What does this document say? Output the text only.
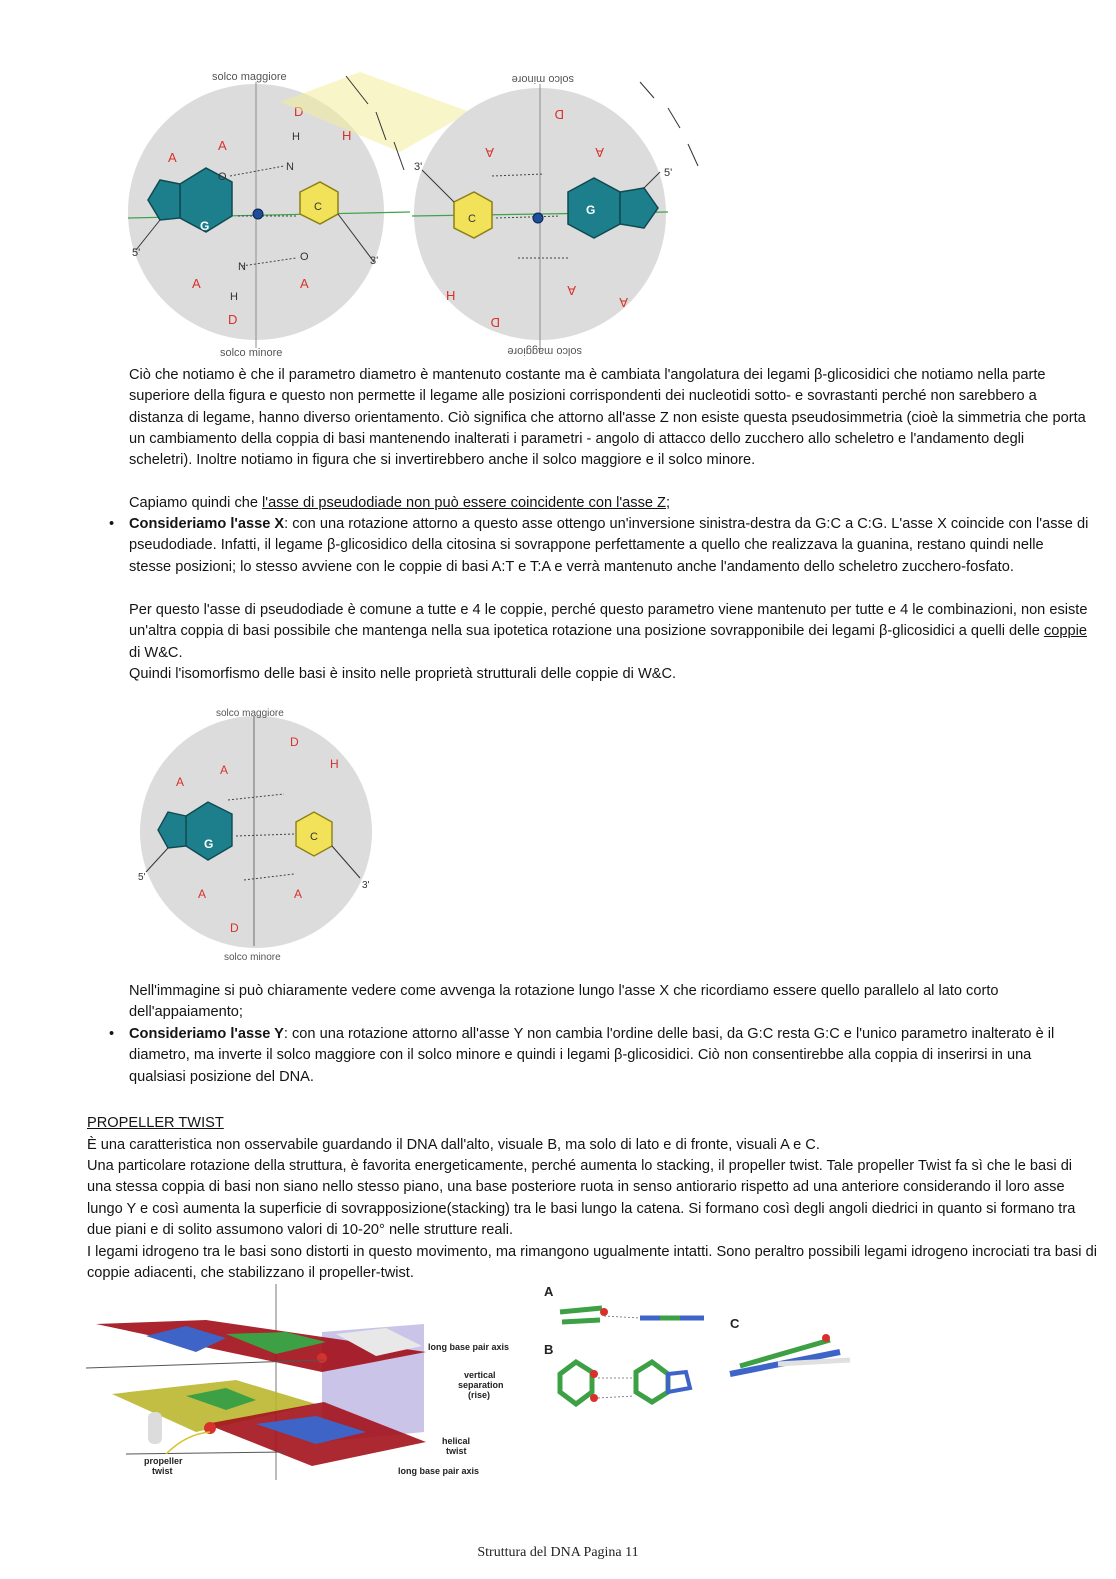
solco maggiore
solco minore
G
C
5'
3'
A
A
D
H
A	A
D
O
N
H
N
H
O
solco minore
solco maggiore
C
G
3'	5'
A	A
D
H	A
A
D
Ciò che notiamo è che il parametro diametro è mantenuto costante ma è cambiata l'angolatura dei legami β-glicosidici che notiamo nella parte superiore della figura e questo non permette il legame alle posizioni corrispondenti dei nucleotidi sotto- e sovrastanti perché non sarebbero a distanza di legame, hanno diverso orientamento. Ciò significa che attorno all'asse Z non esiste questa pseudosimmetria (cioè la simmetria che porta un cambiamento della coppia di basi mantenendo inalterati i parametri - angolo di attacco dello zucchero allo scheletro e l'andamento degli scheletri). Inoltre notiamo in figura che si invertirebbero anche il solco maggiore e il solco minore.
Capiamo quindi che l'asse di pseudodiade non può essere coincidente con l'asse Z;
• Consideriamo l'asse X: con una rotazione attorno a questo asse ottengo un'inversione sinistra-destra da G:C a C:G. L'asse X coincide con l'asse di pseudodiade. Infatti, il legame β-glicosidico della citosina si sovrappone perfettamente a quello che realizzava la guanina, restano quindi nelle stesse posizioni; lo stesso avviene con le coppie di basi A:T e T:A e verrà mantenuto anche l'andamento dello scheletro zucchero-fosfato.
Per questo l'asse di pseudodiade è comune a tutte e 4 le coppie, perché questo parametro viene mantenuto per tutte e 4 le combinazioni, non esiste un'altra coppia di basi possibile che mantenga nella sua ipotetica rotazione una posizione sovrapponibile dei legami β-glicosidici a quelli delle coppie di W&C.
Quindi l'isomorfismo delle basi è insito nelle proprietà strutturali delle coppie di W&C.
solco maggiore
solco minore
G	C
5'
3'
A
A
D
H
A	A
D
Nell'immagine si può chiaramente vedere come avvenga la rotazione lungo l'asse X che ricordiamo essere quello parallelo al lato corto dell'appaiamento;
• Consideriamo l'asse Y: con una rotazione attorno all'asse Y non cambia l'ordine delle basi, da G:C resta G:C e l'unico parametro inalterato è il diametro, ma inverte il solco maggiore con il solco minore e quindi i legami β-glicosidici. Ciò non consentirebbe alla coppia di inserirsi in una qualsiasi posizione del DNA.
PROPELLER TWIST
È una caratteristica non osservabile guardando il DNA dall'alto, visuale B, ma solo di lato e di fronte, visuali A e C.
Una particolare rotazione della struttura, è favorita energeticamente, perché aumenta lo stacking, il propeller twist. Tale propeller Twist fa sì che le basi di una stessa coppia di basi non siano nello stesso piano, una base posteriore ruota in senso antiorario rispetto ad una anteriore considerando il loro asse lungo Y e così aumenta la superficie di sovrapposizione(stacking) tra le basi lungo la catena. Si formano così degli angoli diedrici in quanto si formano tra due piani e di solito assumono valori di 10-20° nelle strutture reali.
I legami idrogeno tra le basi sono distorti in questo movimento, ma rimangono ugualmente intatti. Sono peraltro possibili legami idrogeno incrociati tra basi di coppie adiacenti, che stabilizzano il propeller-twist.
long base pair axis
vertical
separation
(rise)
helical
twist
propeller
twist	long base pair axis
A
B
C
Struttura del DNA Pagina 11
